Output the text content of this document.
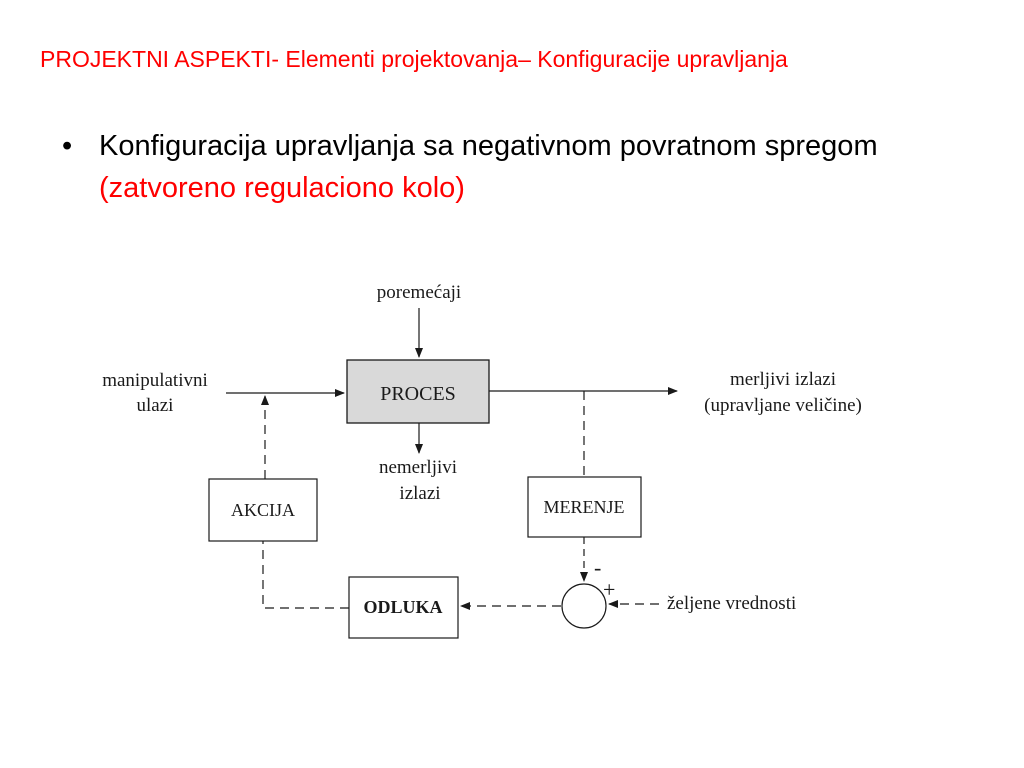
PROJEKTNI ASPEKTI- Elementi projektovanja– Konfiguracije upravljanja
• Konfiguracija upravljanja sa negativnom povratnom spregom (zatvoreno regulaciono kolo)
poremećaji
PROCES
manipulativni
ulazi
merljivi izlazi
(upravljane veličine)
nemerljivi
izlazi
AKCIJA	MERENJE
ODLUKA
-
+
željene vrednosti
